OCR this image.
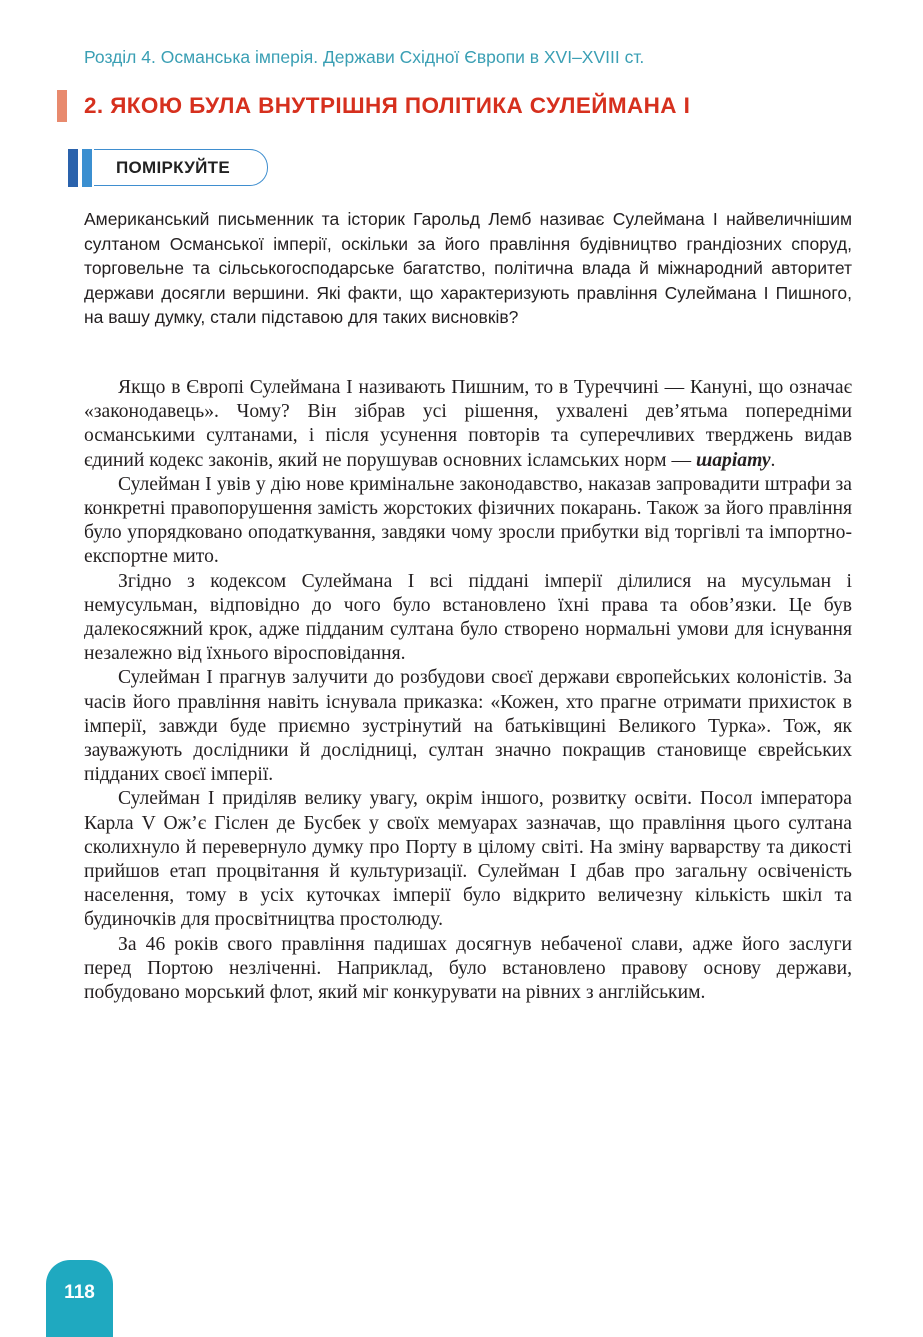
Розділ 4. Османська імперія. Держави Східної Європи в XVI–XVIII ст.
2. ЯКОЮ БУЛА ВНУТРІШНЯ ПОЛІТИКА СУЛЕЙМАНА І
ПОМІРКУЙТЕ

Американський письменник та історик Гарольд Лемб називає Сулеймана І найвеличнішим султаном Османської імперії, оскільки за його правління будівництво грандіозних споруд, торговельне та сільськогосподарське багатство, політична влада й міжнародний авторитет держави досягли вершини. Які факти, що характеризують правління Сулеймана І Пишного, на вашу думку, стали підставою для таких висновків?

Якщо в Європі Сулеймана І називають Пишним, то в Туреччині — Кануні, що означає «законодавець». Чому? Він зібрав усі рішення, ухвалені дев’ятьма попередніми османськими султанами, і після усунення повторів та суперечливих тверджень видав єдиний кодекс законів, який не порушував основних ісламських норм — шаріату.

Сулейман І увів у дію нове кримінальне законодавство, наказав запровадити штрафи за конкретні правопорушення замість жорстоких фізичних покарань. Також за його правління було упорядковано оподаткування, завдяки чому зросли прибутки від торгівлі та імпортно-експортне мито.

Згідно з кодексом Сулеймана І всі піддані імперії ділилися на мусульман і немусульман, відповідно до чого було встановлено їхні права та обов’язки. Це був далекосяжний крок, адже підданим султана було створено нормальні умови для існування незалежно від їхнього віросповідання.

Сулейман І прагнув залучити до розбудови своєї держави європейських колоністів. За часів його правління навіть існувала приказка: «Кожен, хто прагне отримати прихисток в імперії, завжди буде приємно зустрінутий на батьківщині Великого Турка». Тож, як зауважують дослідники й дослідниці, султан значно покращив становище єврейських підданих своєї імперії.

Сулейман І приділяв велику увагу, окрім іншого, розвитку освіти. Посол імператора Карла V Ож’є Гіслен де Бусбек у своїх мемуарах зазначав, що правління цього султана сколихнуло й перевернуло думку про Порту в цілому світі. На зміну варварству та дикості прийшов етап процвітання й культуризації. Сулейман І дбав про загальну освіченість населення, тому в усіх куточках імперії було відкрито величезну кількість шкіл та будиночків для просвітництва простолюду.

За 46 років свого правління падишах досягнув небаченої слави, адже його заслуги перед Портою незліченні. Наприклад, було встановлено правову основу держави, побудовано морський флот, який міг конкурувати на рівних з англійським.

118
